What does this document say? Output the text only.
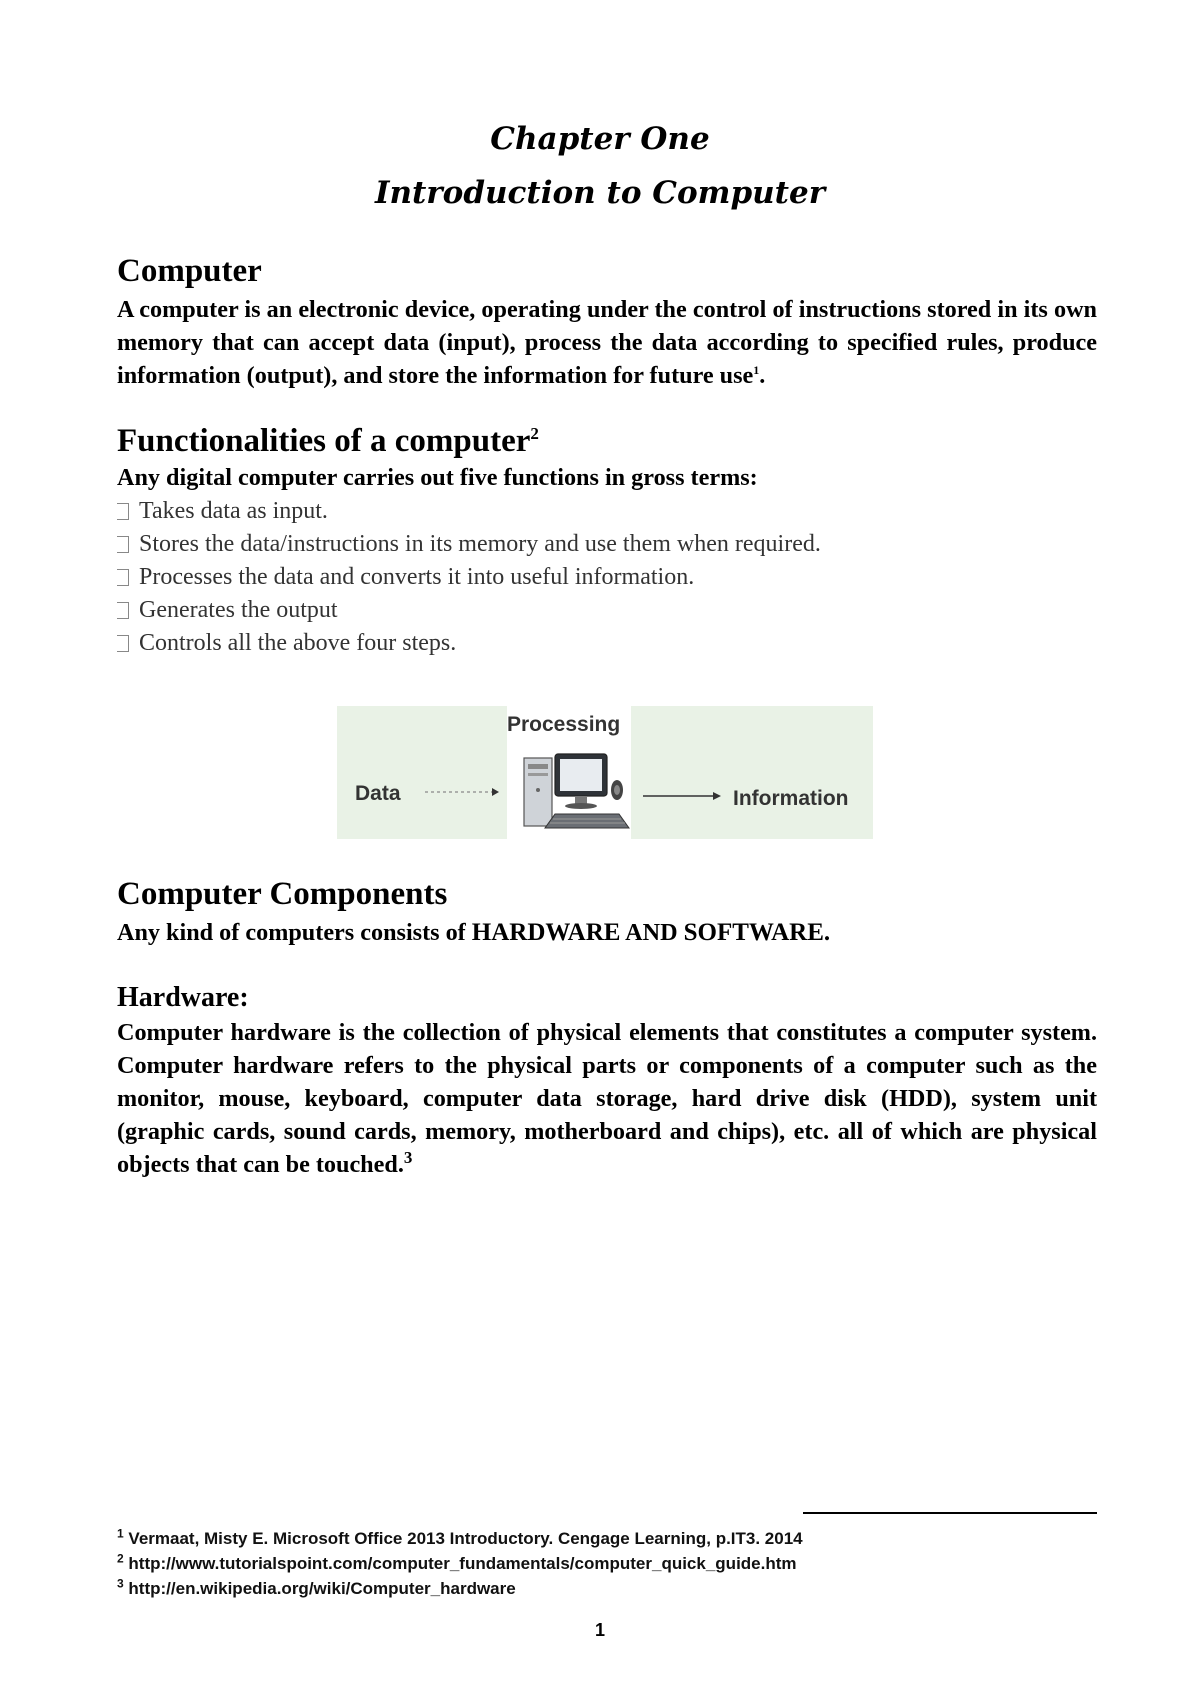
Chapter One
Introduction to Computer
Computer

A computer is an electronic device, operating under the control of instructions stored in its own memory that can accept data (input), process the data according to specified rules, produce information (output), and store the information for future use$^1$.

Functionalities of a computer$^2$

Any digital computer carries out five functions in gross terms:

Takes data as input.
Stores the data/instructions in its memory and use them when required.
Processes the data and converts it into useful information.
Generates the output
Controls all the above four steps.

Processing

Data	Information

Computer Components

Any kind of computers consists of HARDWARE AND SOFTWARE.

Hardware:

Computer hardware is the collection of physical elements that constitutes a computer system. Computer hardware refers to the physical parts or components of a computer such as the monitor, mouse, keyboard, computer data storage, hard drive disk (HDD), system unit (graphic cards, sound cards, memory, motherboard and chips), etc. all of which are physical objects that can be touched.$^3$

$^1$ Vermaat, Misty E. Microsoft Office 2013 Introductory. Cengage Learning, p.IT3. 2014

$^2$ http://www.tutorialspoint.com/computer_fundamentals/computer_quick_guide.htm

$^3$ http://en.wikipedia.org/wiki/Computer_hardware

1
